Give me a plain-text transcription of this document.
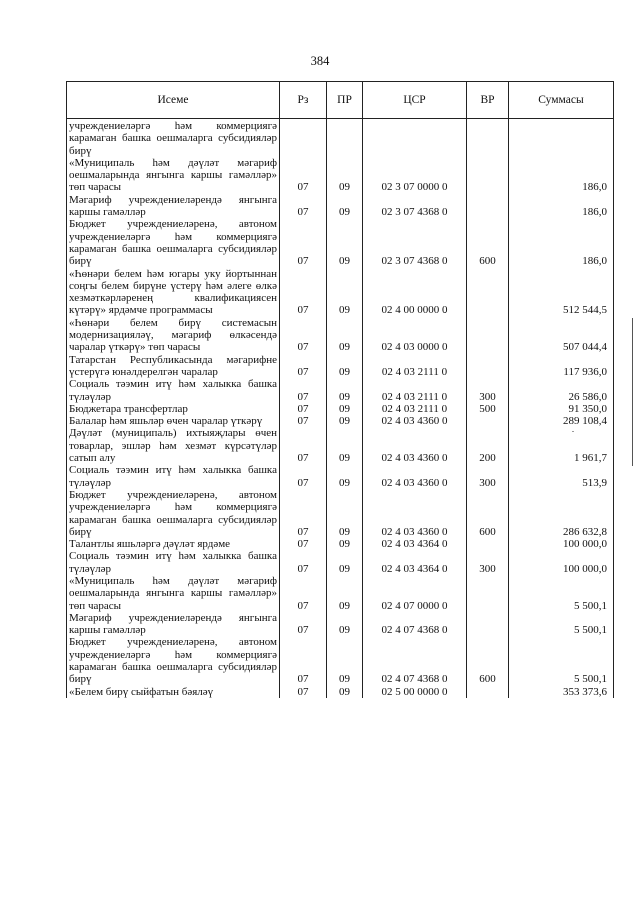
384
Исеме	Рз	ПР	ЦСР	ВР	Суммасы
учреждениеләргә һәм коммерциягә карамаган башка оешмаларга субсидияләр бирү					
«Муниципаль һәм дәүләт мәгариф оешмаларында янгынга каршы гамәлләр» төп чарасы	07	09	02 3 07 0000 0		186,0
Мәгариф учреждениеләрендә янгынга каршы гамәлләр	07	09	02 3 07 4368 0		186,0
Бюджет учреждениеләренә, автоном учреждениеләргә һәм коммерциягә карамаган башка оешмаларга субсидияләр бирү	07	09	02 3 07 4368 0	600	186,0
«Һөнәри белем һәм югары уку йортыннан соңгы белем бирүне үстерү һәм әлеге өлкә хезмәткәрләренең квалификациясен күтәрү» ярдәмче программасы	07	09	02 4 00 0000 0		512 544,5
«Һөнәри белем бирү системасын модернизацияләү, мәгариф өлкәсендә чаралар үткәрү» төп чарасы	07	09	02 4 03 0000 0		507 044,4
Татарстан Республикасында мәгарифне үстерүгә юнәлдерелгән чаралар	07	09	02 4 03 2111 0		117 936,0
Социаль тәэмин итү һәм халыкка башка түләүләр	07	09	02 4 03 2111 0	300	26 586,0
Бюджетара трансфертлар	07	09	02 4 03 2111 0	500	91 350,0
Балалар һәм яшьләр өчен чаралар үткәрү	07	09	02 4 03 4360 0		289 108,4
Дәүләт (муниципаль) ихтыяҗлары өчен товарлар, эшләр һәм хезмәт күрсәтүләр сатып алу	07	09	02 4 03 4360 0	200	1 961,7
Социаль тәэмин итү һәм халыкка башка түләүләр	07	09	02 4 03 4360 0	300	513,9
Бюджет учреждениеләренә, автоном учреждениеләргә һәм коммерциягә карамаган башка оешмаларга субсидияләр бирү	07	09	02 4 03 4360 0	600	286 632,8
Талантлы яшьләргә дәүләт ярдәме	07	09	02 4 03 4364 0		100 000,0
Социаль тәэмин итү һәм халыкка башка түләүләр	07	09	02 4 03 4364 0	300	100 000,0
«Муниципаль һәм дәүләт мәгариф оешмаларында янгынга каршы гамәлләр» төп чарасы	07	09	02 4 07 0000 0		5 500,1
Мәгариф учреждениеләрендә янгынга каршы гамәлләр	07	09	02 4 07 4368 0		5 500,1
Бюджет учреждениеләренә, автоном учреждениеләргә һәм коммерциягә карамаган башка оешмаларга субсидияләр бирү	07	09	02 4 07 4368 0	600	5 500,1
«Белем бирү сыйфатын бәяләү	07	09	02 5 00 0000 0		353 373,6
